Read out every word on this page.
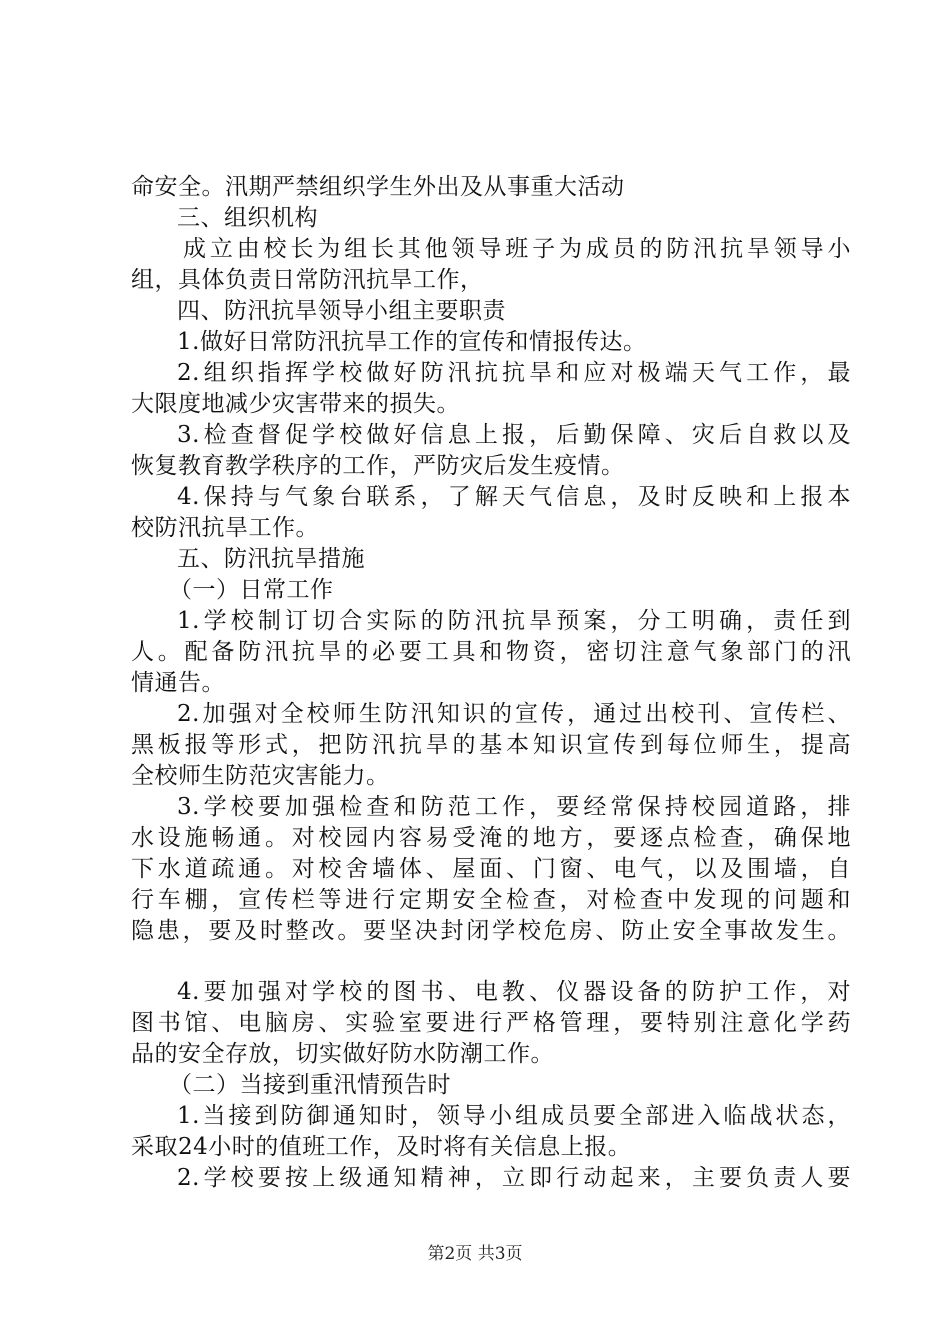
命安全。汛期严禁组织学生外出及从事重大活动
三、组织机构
成立由校长为组长其他领导班子为成员的防汛抗旱领导小
组，具体负责日常防汛抗旱工作，
四、防汛抗旱领导小组主要职责
1.做好日常防汛抗旱工作的宣传和情报传达。
2.组织指挥学校做好防汛抗抗旱和应对极端天气工作，最
大限度地减少灾害带来的损失。
3.检查督促学校做好信息上报，后勤保障、灾后自救以及
恢复教育教学秩序的工作，严防灾后发生疫情。
4.保持与气象台联系，了解天气信息，及时反映和上报本
校防汛抗旱工作。
五、防汛抗旱措施
（一）日常工作
1.学校制订切合实际的防汛抗旱预案，分工明确，责任到
人。配备防汛抗旱的必要工具和物资，密切注意气象部门的汛
情通告。
2.加强对全校师生防汛知识的宣传，通过出校刊、宣传栏、
黑板报等形式，把防汛抗旱的基本知识宣传到每位师生，提高
全校师生防范灾害能力。
3.学校要加强检查和防范工作，要经常保持校园道路，排
水设施畅通。对校园内容易受淹的地方，要逐点检查，确保地
下水道疏通。对校舍墙体、屋面、门窗、电气，以及围墙，自
行车棚，宣传栏等进行定期安全检查，对检查中发现的问题和
隐患，要及时整改。要坚决封闭学校危房、防止安全事故发生。
4.要加强对学校的图书、电教、仪器设备的防护工作，对
图书馆、电脑房、实验室要进行严格管理，要特别注意化学药
品的安全存放，切实做好防水防潮工作。
（二）当接到重汛情预告时
1.当接到防御通知时，领导小组成员要全部进入临战状态，
采取24小时的值班工作，及时将有关信息上报。
2.学校要按上级通知精神，立即行动起来，主要负责人要
第2页 共3页
